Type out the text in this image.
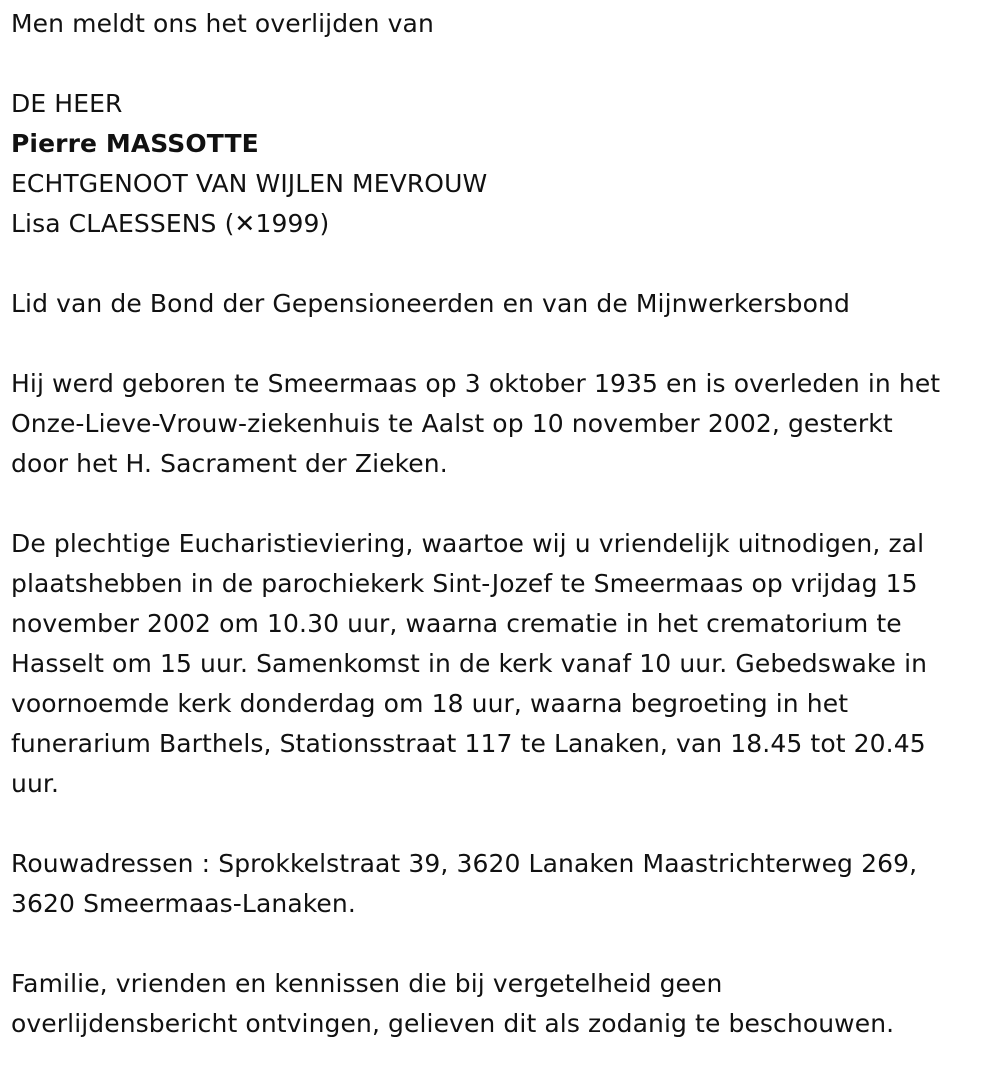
Men meldt ons het overlijden van

DE HEER

Pierre MASSOTTE

ECHTGENOOT VAN WIJLEN MEVROUW

Lisa CLAESSENS (✕1999)

Lid van de Bond der Gepensioneerden en van de Mijnwerkersbond

Hij werd geboren te Smeermaas op 3 oktober 1935 en is overleden in het

Onze-Lieve-Vrouw-ziekenhuis te Aalst op 10 november 2002, gesterkt

door het H. Sacrament der Zieken.

De plechtige Eucharistieviering, waartoe wij u vriendelijk uitnodigen, zal

plaatshebben in de parochiekerk Sint-Jozef te Smeermaas op vrijdag 15

november 2002 om 10.30 uur, waarna crematie in het crematorium te

Hasselt om 15 uur. Samenkomst in de kerk vanaf 10 uur. Gebedswake in

voornoemde kerk donderdag om 18 uur, waarna begroeting in het

funerarium Barthels, Stationsstraat 117 te Lanaken, van 18.45 tot 20.45

uur.

Rouwadressen : Sprokkelstraat 39, 3620 Lanaken Maastrichterweg 269,

3620 Smeermaas-Lanaken.

Familie, vrienden en kennissen die bij vergetelheid geen

overlijdensbericht ontvingen, gelieven dit als zodanig te beschouwen.
